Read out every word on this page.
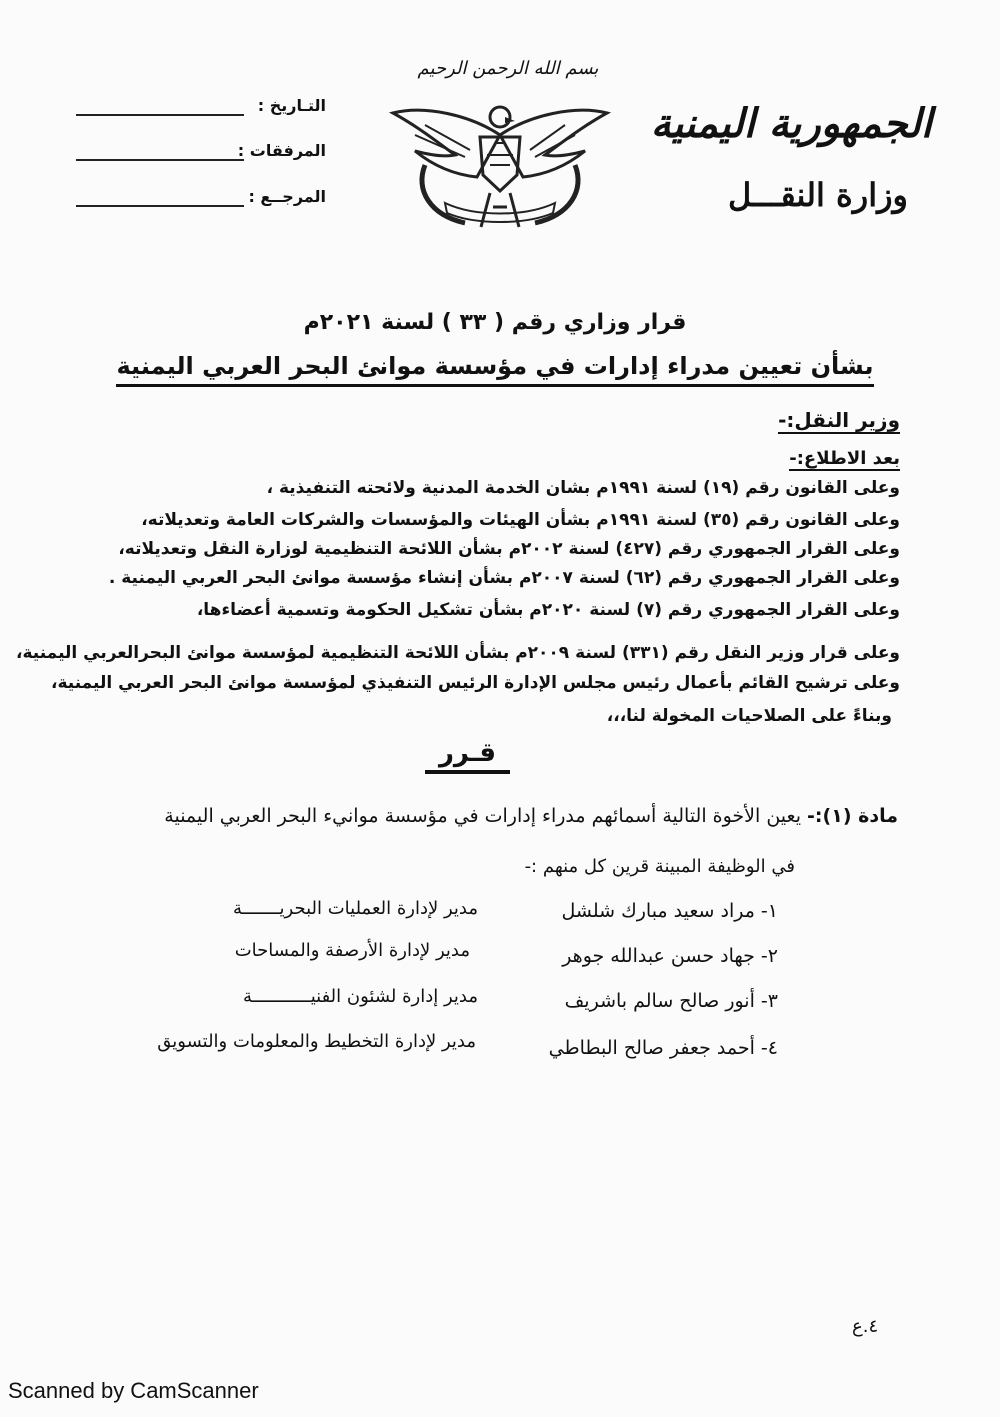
الجمهورية اليمنية
وزارة النقـــل
بسم الله الرحمن الرحيم
التـاريخ :
المرفقات :
المرجــع :
قرار وزاري رقم ( ٣٣ ) لسنة ٢٠٢١م
بشأن تعيين مدراء إدارات في مؤسسة موانئ البحر العربي اليمنية
وزير النقل:-
بعد الاطلاع:-
وعلى القانون رقم (١٩) لسنة ١٩٩١م بشان الخدمة المدنية ولائحته التنفيذية ،
وعلى القانون رقم (٣٥) لسنة ١٩٩١م بشأن الهيئات والمؤسسات والشركات العامة وتعديلاته،
وعلى القرار الجمهوري رقم (٤٢٧) لسنة ٢٠٠٢م بشأن اللائحة التنظيمية لوزارة النقل وتعديلاته،
وعلى القرار الجمهوري رقم (٦٢) لسنة ٢٠٠٧م بشأن إنشاء مؤسسة موانئ البحر العربي اليمنية .
وعلى القرار الجمهوري رقم (٧) لسنة ٢٠٢٠م بشأن تشكيل الحكومة وتسمية أعضاءها،
وعلى قرار وزير النقل رقم (٣٣١) لسنة ٢٠٠٩م بشأن اللائحة التنظيمية لمؤسسة موانئ البحرالعربي اليمنية،
وعلى ترشيح القائم بأعمال رئيس مجلس الإدارة الرئيس التنفيذي لمؤسسة موانئ البحر العربي اليمنية،
وبناءً على الصلاحيات المخولة لنا،،،
قـرر
مادة (١):- يعين الأخوة التالية أسمائهم مدراء إدارات في مؤسسة موانيء البحر العربي اليمنية
في الوظيفة المبينة قرين كل منهم :-
١- مراد سعيد مبارك شلشل
مدير لإدارة العمليات البحريـــــــة
٢- جهاد حسن عبدالله جوهر
مدير لإدارة الأرصفة والمساحات
٣- أنور صالح سالم باشريف
مدير إدارة لشئون الفنيـــــــــــة
٤- أحمد جعفر صالح البطاطي
مدير لإدارة التخطيط والمعلومات والتسويق
٤.ع
Scanned by CamScanner
